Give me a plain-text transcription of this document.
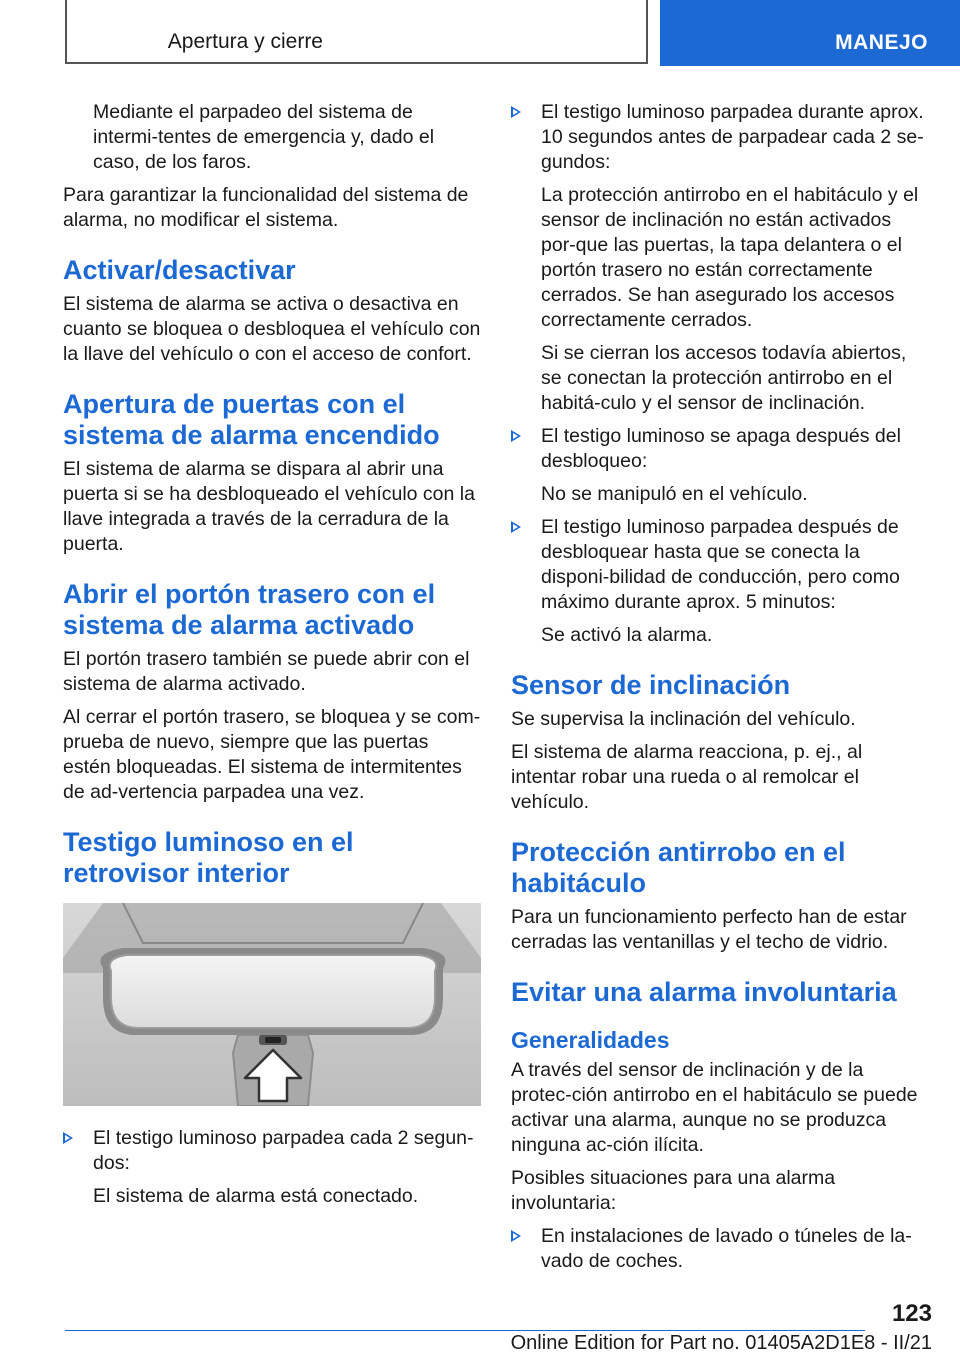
Apertura y cierre	MANEJO

Mediante el parpadeo del sistema de intermi-tentes de emergencia y, dado el caso, de los faros.

Para garantizar la funcionalidad del sistema de alarma, no modificar el sistema.

Activar/desactivar

El sistema de alarma se activa o desactiva en cuanto se bloquea o desbloquea el vehículo con la llave del vehículo o con el acceso de confort.

Apertura de puertas con el sistema de alarma encendido

El sistema de alarma se dispara al abrir una puerta si se ha desbloqueado el vehículo con la llave integrada a través de la cerradura de la puerta.

Abrir el portón trasero con el sistema de alarma activado

El portón trasero también se puede abrir con el sistema de alarma activado.

Al cerrar el portón trasero, se bloquea y se com-prueba de nuevo, siempre que las puertas estén bloqueadas. El sistema de intermitentes de ad-vertencia parpadea una vez.

Testigo luminoso en el retrovisor interior
El testigo luminoso parpadea cada 2 segun-dos:

El sistema de alarma está conectado.

El testigo luminoso parpadea durante aprox. 10 segundos antes de parpadear cada 2 se-gundos:

La protección antirrobo en el habitáculo y el sensor de inclinación no están activados por-que las puertas, la tapa delantera o el portón trasero no están correctamente cerrados. Se han asegurado los accesos correctamente cerrados.

Si se cierran los accesos todavía abiertos, se conectan la protección antirrobo en el habitá-culo y el sensor de inclinación.

El testigo luminoso se apaga después del desbloqueo:

No se manipuló en el vehículo.

El testigo luminoso parpadea después de desbloquear hasta que se conecta la disponi-bilidad de conducción, pero como máximo durante aprox. 5 minutos:

Se activó la alarma.

Sensor de inclinación

Se supervisa la inclinación del vehículo.

El sistema de alarma reacciona, p. ej., al intentar robar una rueda o al remolcar el vehículo.

Protección antirrobo en el habitáculo

Para un funcionamiento perfecto han de estar cerradas las ventanillas y el techo de vidrio.

Evitar una alarma involuntaria
Generalidades

A través del sensor de inclinación y de la protec-ción antirrobo en el habitáculo se puede activar una alarma, aunque no se produzca ninguna ac-ción ilícita.

Posibles situaciones para una alarma involuntaria:

En instalaciones de lavado o túneles de la-vado de coches.
123
Online Edition for Part no. 01405A2D1E8 - II/21
